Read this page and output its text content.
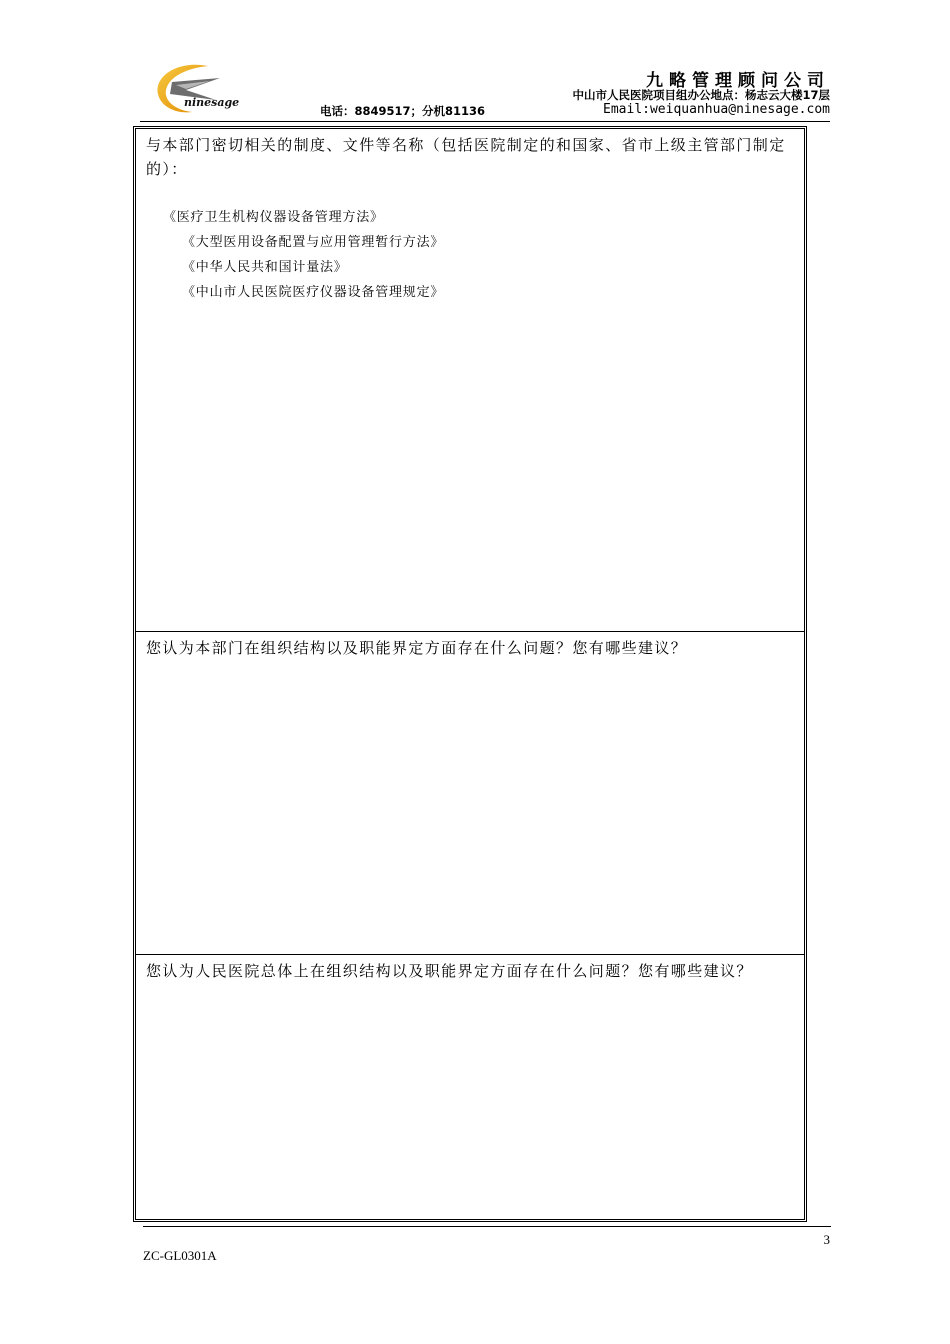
ninesage
九略管理顾问公司
中山市人民医院项目组办公地点：杨志云大楼17层
电话：8849517；分机81136	Email:weiquanhua@ninesage.com
与本部门密切相关的制度、文件等名称（包括医院制定的和国家、省市上级主管部门制定的）：
《医疗卫生机构仪器设备管理方法》
《大型医用设备配置与应用管理暂行方法》
《中华人民共和国计量法》
《中山市人民医院医疗仪器设备管理规定》
您认为本部门在组织结构以及职能界定方面存在什么问题？您有哪些建议？
您认为人民医院总体上在组织结构以及职能界定方面存在什么问题？您有哪些建议？
3
ZC-GL0301A
